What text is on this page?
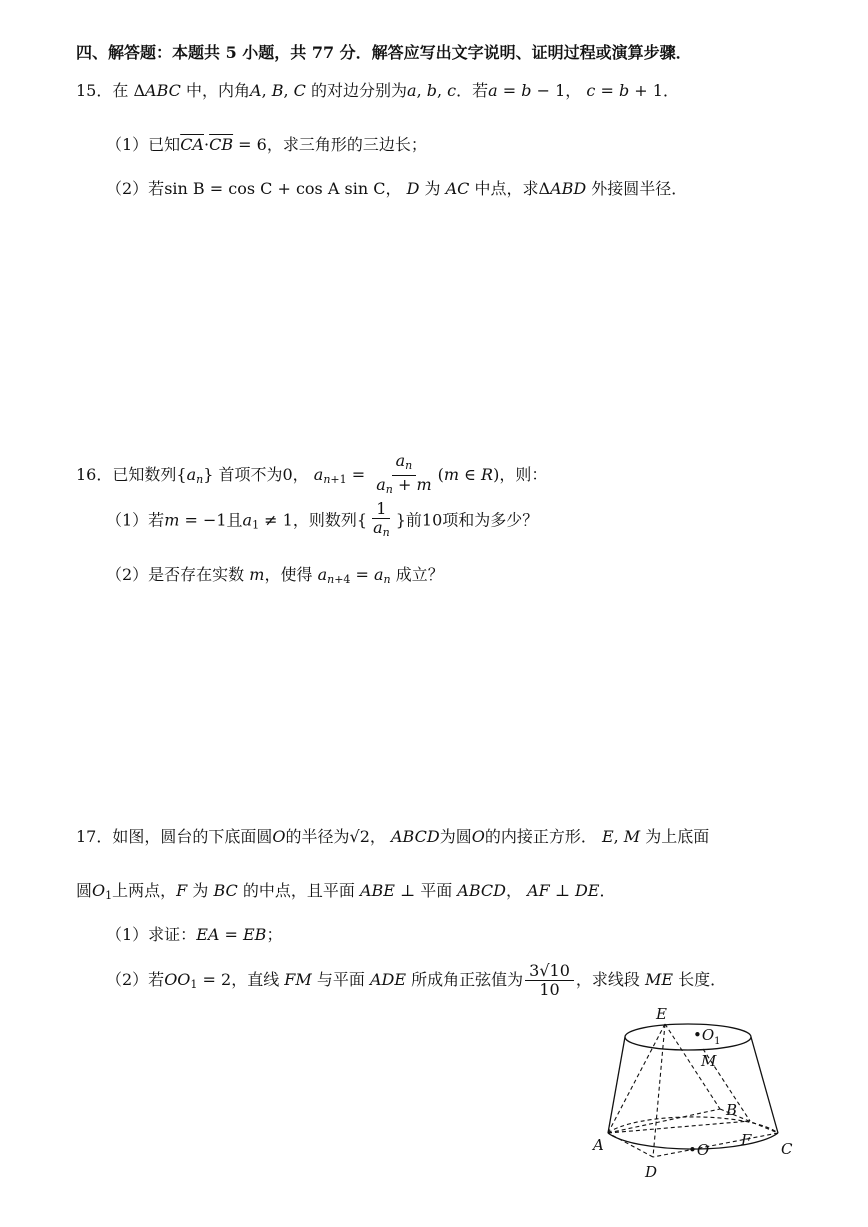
四、解答题：本题共 5 小题，共 77 分．解答应写出文字说明、证明过程或演算步骤．
15．在 ΔABC 中，内角A, B, C 的对边分别为a, b, c．若a = b − 1， c = b + 1．
（1）已知$\overline{CA}\cdot\overline{CB} = 6$，求三角形的三边长；
（2）若sin B = cos C + cos A sin C， D 为 AC 中点，求ΔABD 外接圆半径．
16．已知数列$\{a_n\}$ 首项不为0， $a_{n+1} = \frac{a_n}{a_n + m} (m$ ∈ R)，则：
（1）若m = −1且$a_1 \ne 1$，则数列{ $\frac{1}{a_n}$ }前10项和为多少？
（2）是否存在实数 m，使得 $a_{n+4} = a_n$ 成立？
17．如图，圆台的下底面圆O的半径为√2， ABCD为圆O的内接正方形． E, M 为上底面
圆$O_1$上两点，F 为 BC 的中点，且平面 ABE ⊥ 平面 ABCD， AF ⊥ DE．
（1）求证：EA = EB；
（2）若$OO_1 = 2$，直线 FM 与平面 ADE 所成角正弦值为 $\frac{3√10}{10}$ ，求线段 ME 长度．
E
$•O_1$
M
B
F
A	•O	C
D
